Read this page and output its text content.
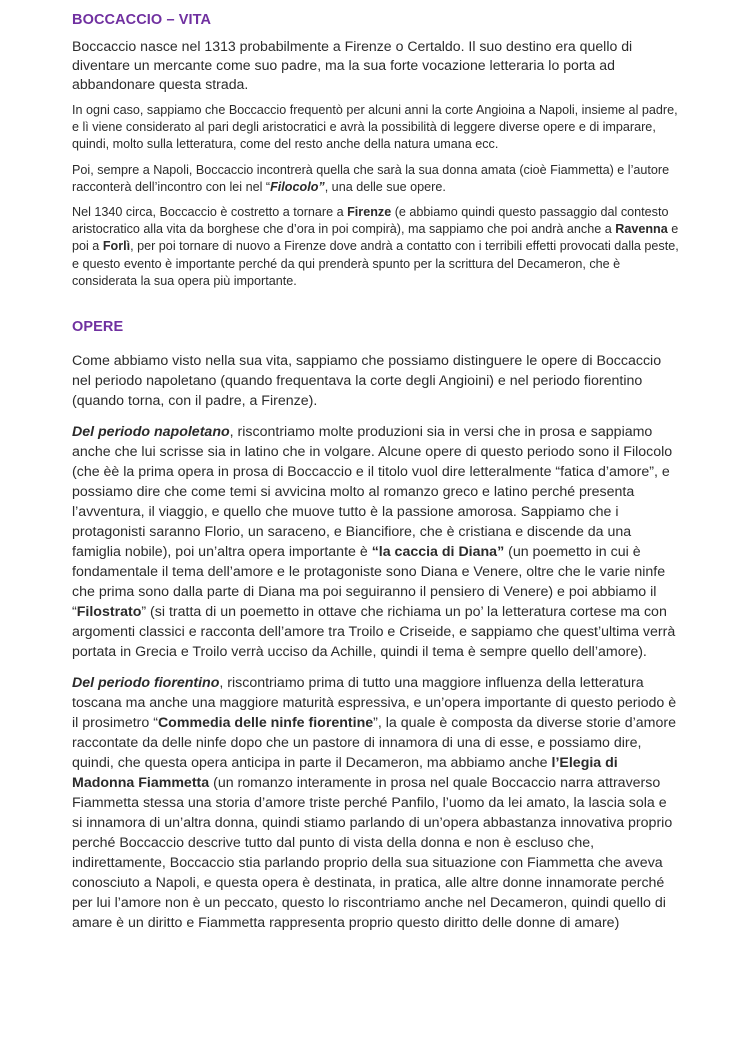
BOCCACCIO – VITA

Boccaccio nasce nel 1313 probabilmente a Firenze o Certaldo. Il suo destino era quello di diventare un mercante come suo padre, ma la sua forte vocazione letteraria lo porta ad abbandonare questa strada.

In ogni caso, sappiamo che Boccaccio frequentò per alcuni anni la corte Angioina a Napoli, insieme al padre, e lì viene considerato al pari degli aristocratici e avrà la possibilità di leggere diverse opere e di imparare, quindi, molto sulla letteratura, come del resto anche della natura umana ecc.

Poi, sempre a Napoli, Boccaccio incontrerà quella che sarà la sua donna amata (cioè Fiammetta) e l’autore racconterà dell’incontro con lei nel “Filocolo”, una delle sue opere.

Nel 1340 circa, Boccaccio è costretto a tornare a Firenze (e abbiamo quindi questo passaggio dal contesto aristocratico alla vita da borghese che d’ora in poi compirà), ma sappiamo che poi andrà anche a Ravenna e poi a Forlì, per poi tornare di nuovo a Firenze dove andrà a contatto con i terribili effetti provocati dalla peste, e questo evento è importante perché da qui prenderà spunto per la scrittura del Decameron, che è considerata la sua opera più importante.

OPERE

Come abbiamo visto nella sua vita, sappiamo che possiamo distinguere le opere di Boccaccio nel periodo napoletano (quando frequentava la corte degli Angioini) e nel periodo fiorentino (quando torna, con il padre, a Firenze).

Del periodo napoletano, riscontriamo molte produzioni sia in versi che in prosa e sappiamo anche che lui scrisse sia in latino che in volgare. Alcune opere di questo periodo sono il Filocolo (che èè la prima opera in prosa di Boccaccio e il titolo vuol dire letteralmente “fatica d’amore”, e possiamo dire che come temi si avvicina molto al romanzo greco e latino perché presenta l’avventura, il viaggio, e quello che muove tutto è la passione amorosa. Sappiamo che i protagonisti saranno Florio, un saraceno, e Biancifiore, che è cristiana e discende da una famiglia nobile), poi un’altra opera importante è “la caccia di Diana” (un poemetto in cui è fondamentale il tema dell’amore e le protagoniste sono Diana e Venere, oltre che le varie ninfe che prima sono dalla parte di Diana ma poi seguiranno il pensiero di Venere) e poi abbiamo il “Filostrato” (si tratta di un poemetto in ottave che richiama un po’ la letteratura cortese ma con argomenti classici e racconta dell’amore tra Troilo e Criseide, e sappiamo che quest’ultima verrà portata in Grecia e Troilo verrà ucciso da Achille, quindi il tema è sempre quello dell’amore).

Del periodo fiorentino, riscontriamo prima di tutto una maggiore influenza della letteratura toscana ma anche una maggiore maturità espressiva, e un’opera importante di questo periodo è il prosimetro “Commedia delle ninfe fiorentine”, la quale è composta da diverse storie d’amore raccontate da delle ninfe dopo che un pastore di innamora di una di esse, e possiamo dire, quindi, che questa opera anticipa in parte il Decameron, ma abbiamo anche l’Elegia di Madonna Fiammetta (un romanzo interamente in prosa nel quale Boccaccio narra attraverso Fiammetta stessa una storia d’amore triste perché Panfilo, l’uomo da lei amato, la lascia sola e si innamora di un’altra donna, quindi stiamo parlando di un’opera abbastanza innovativa proprio perché Boccaccio descrive tutto dal punto di vista della donna e non è escluso che, indirettamente, Boccaccio stia parlando proprio della sua situazione con Fiammetta che aveva conosciuto a Napoli, e questa opera è destinata, in pratica, alle altre donne innamorate perché per lui l’amore non è un peccato, questo lo riscontriamo anche nel Decameron, quindi quello di amare è un diritto e Fiammetta rappresenta proprio questo diritto delle donne di amare)
